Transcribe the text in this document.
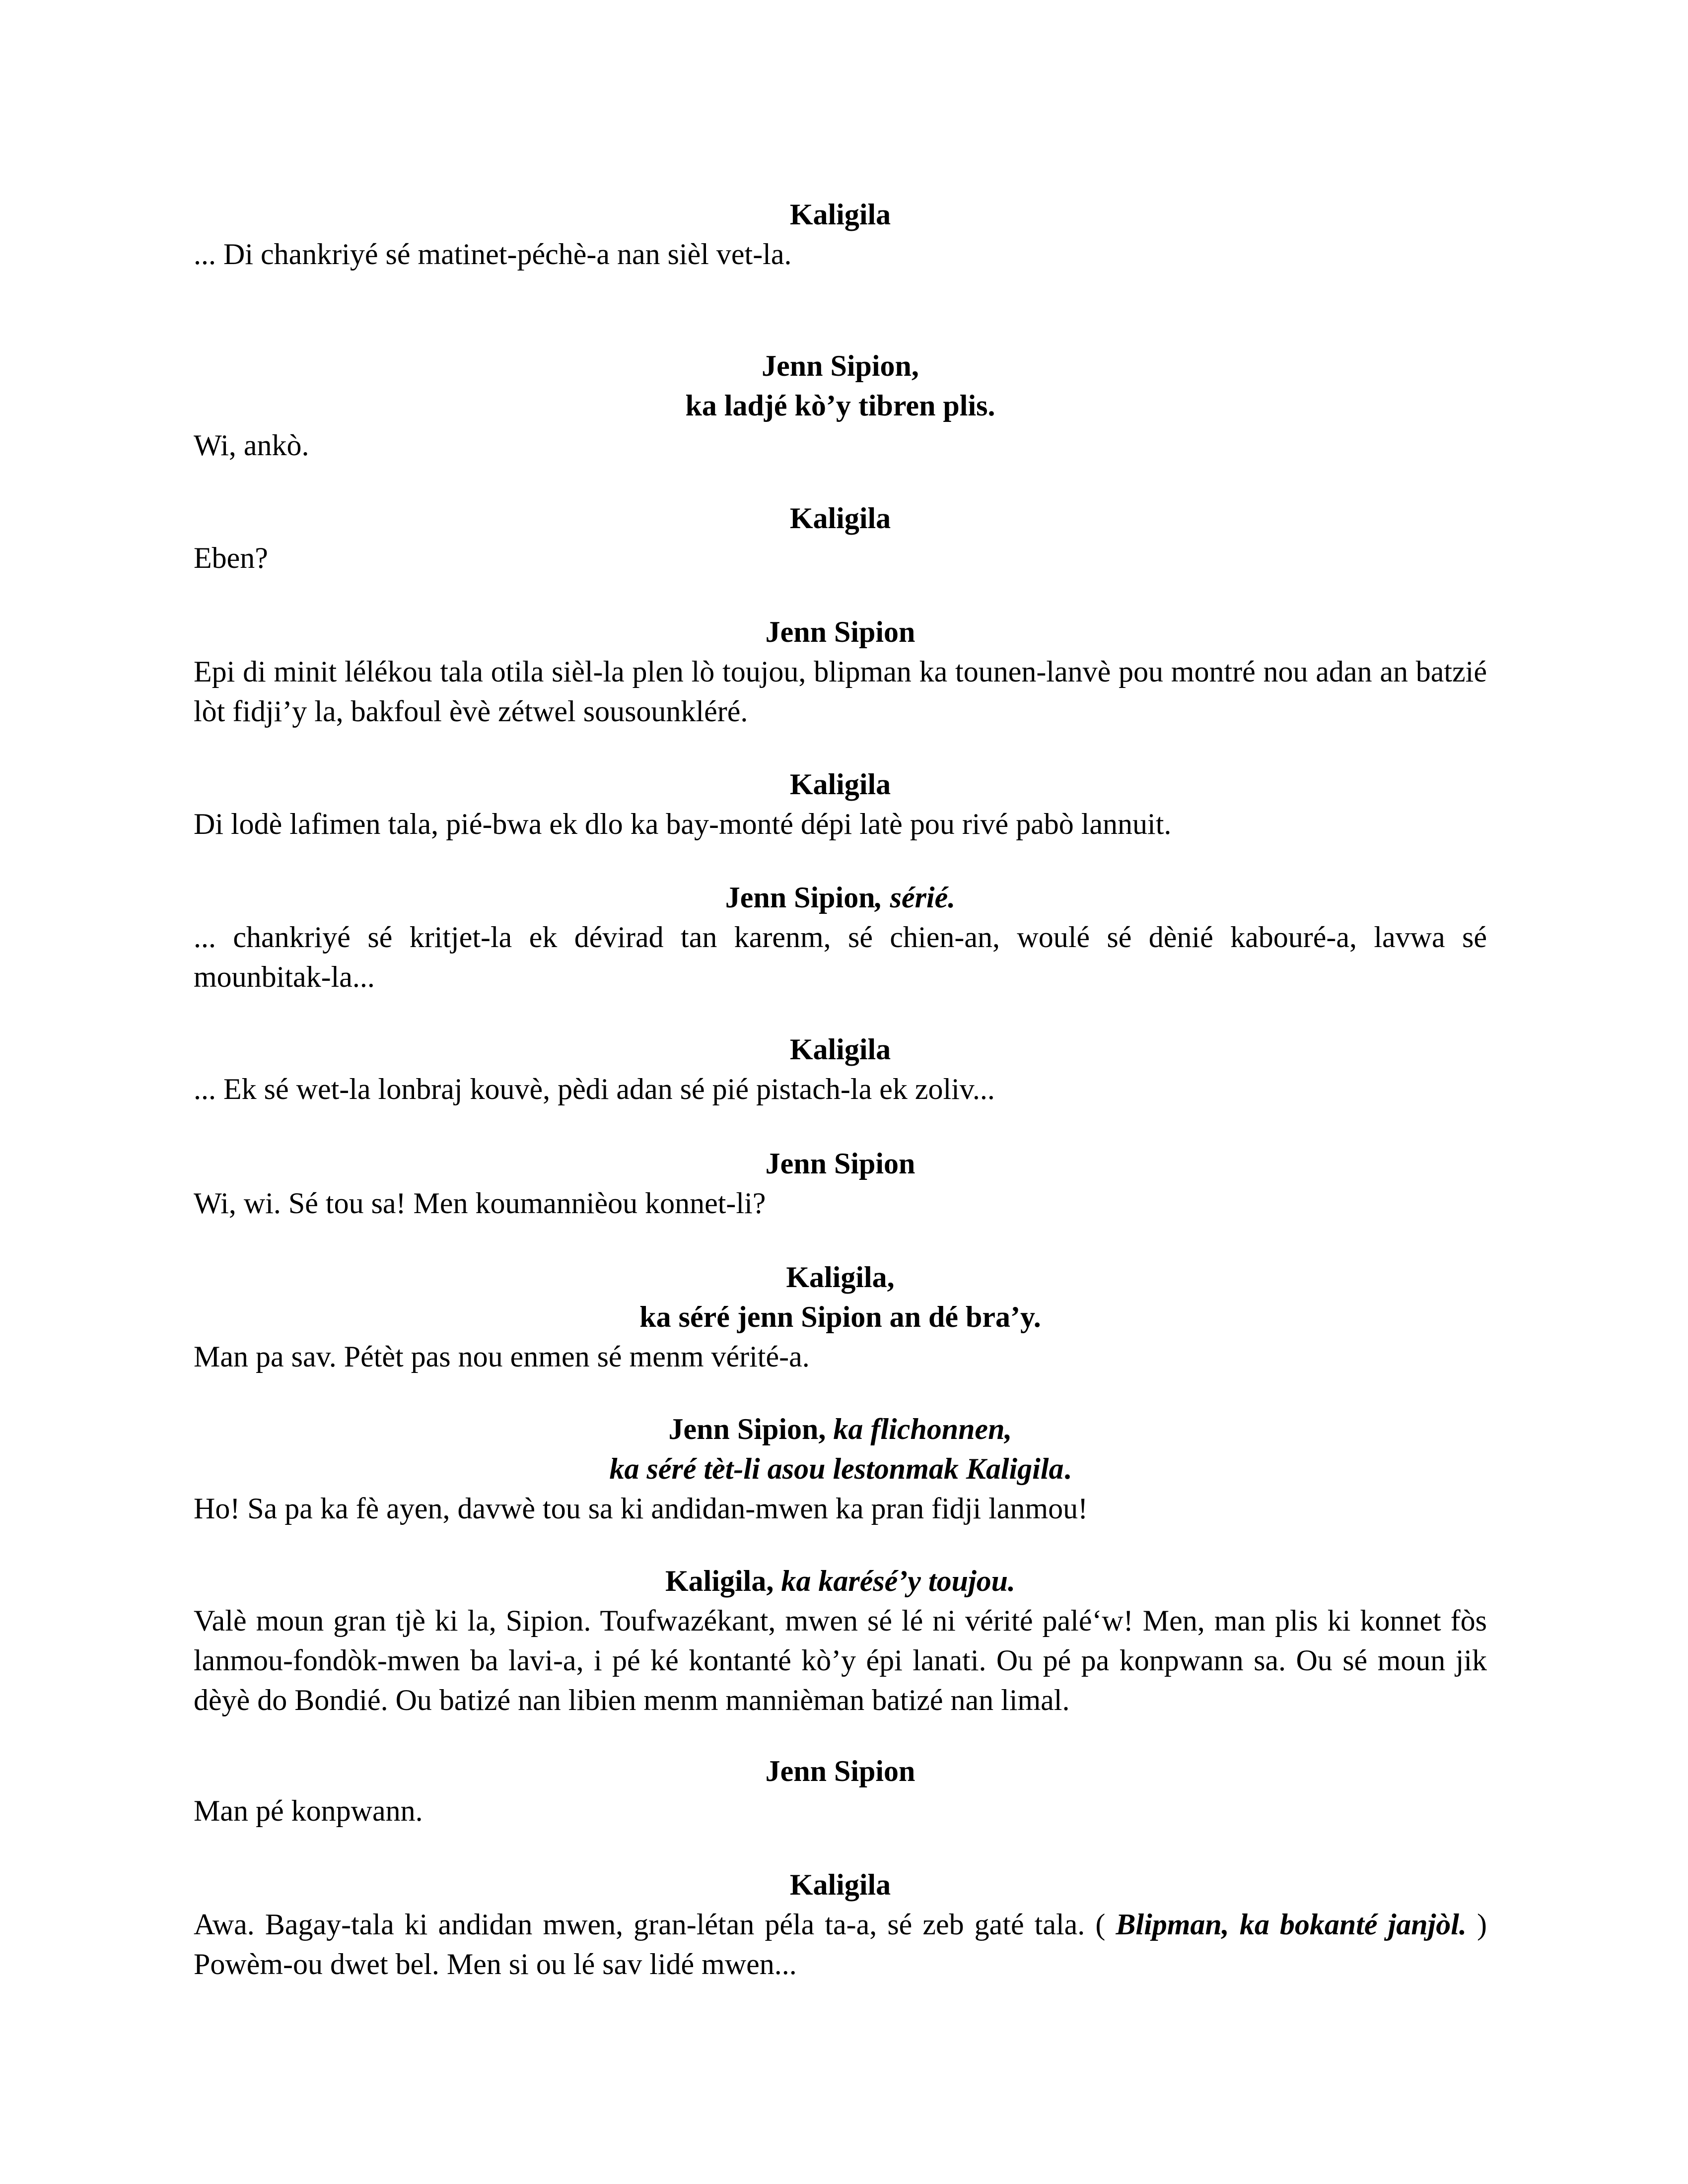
Kaligila
... Di chankriyé sé matinet-péchè-a nan sièl vet-la.
Jenn Sipion,
ka ladjé kò’y tibren plis.
Wi, ankò.
Kaligila
Eben?
Jenn Sipion
Epi di minit lélékou tala otila sièl-la plen lò toujou, blipman ka tounen-lanvè pou montré nou adan an batzié lòt fidji’y la, bakfoul èvè zétwel sousounkléré.
Kaligila
Di lodè lafimen tala, pié-bwa ek dlo ka bay-monté dépi latè pou rivé pabò lannuit.
Jenn Sipion, sérié.
... chankriyé sé kritjet-la ek dévirad tan karenm, sé chien-an, woulé sé dènié kabouré-a, lavwa sé mounbitak-la...
Kaligila
... Ek sé wet-la lonbraj kouvè, pèdi adan sé pié pistach-la ek zoliv...
Jenn Sipion
Wi, wi. Sé tou sa! Men koumannièou konnet-li?
Kaligila,
ka séré jenn Sipion an dé bra’y.
Man pa sav. Pétèt pas nou enmen sé menm vérité-a.
Jenn Sipion, ka flichonnen,
ka séré tèt-li asou lestonmak Kaligila.
Ho! Sa pa ka fè ayen, davwè tou sa ki andidan-mwen ka pran fidji lanmou!
Kaligila, ka karésé’y toujou.
Valè moun gran tjè ki la, Sipion. Toufwazékant, mwen sé lé ni vérité palé‘w! Men, man plis ki konnet fòs lanmou-fondòk-mwen ba lavi-a, i pé ké kontanté kò’y épi lanati. Ou pé pa konpwann sa. Ou sé moun jik dèyè do Bondié. Ou batizé nan libien menm mannièman batizé nan limal.
Jenn Sipion
Man pé konpwann.
Kaligila
Awa. Bagay-tala ki andidan mwen, gran-létan péla ta-a, sé zeb gaté tala. ( Blipman, ka bokanté janjòl. ) Powèm-ou dwet bel. Men si ou lé sav lidé mwen...
